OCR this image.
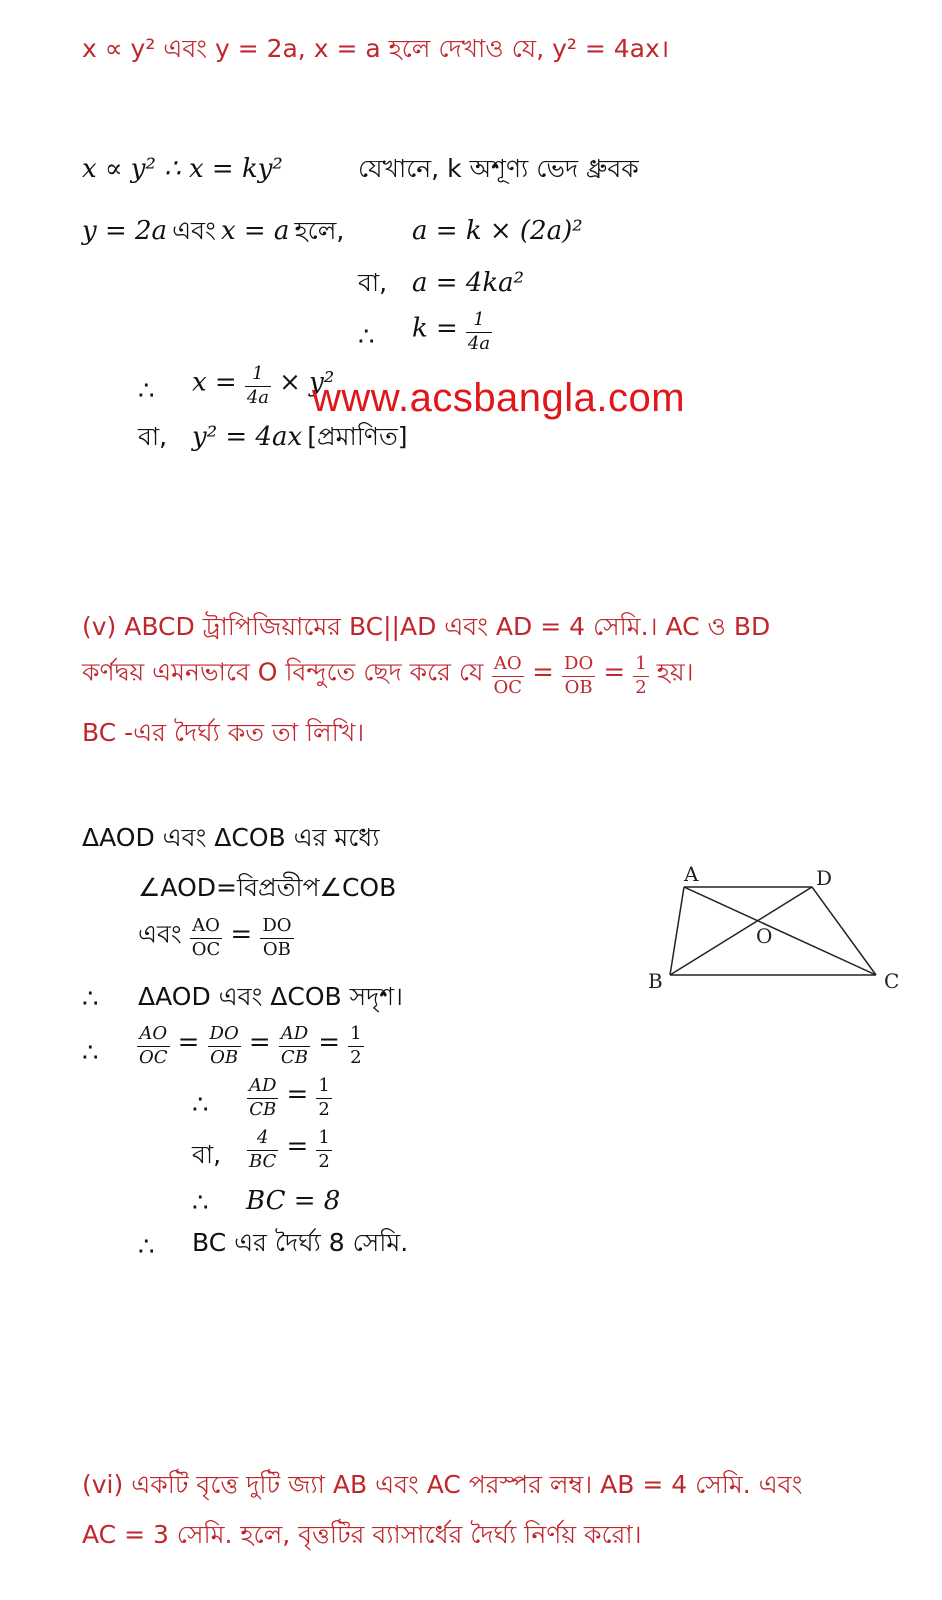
x ∝ y² এবং y = 2a, x = a হলে দেখাও যে, y² = 4ax।
x ∝ y² ∴ x = ky²	যেখানে, k অশূণ্য ভেদ ধ্রুবক
y = 2a এবং x = a হলে,	a = k × (2a)²
বা, a = 4ka²
∴ $k = \frac{1}{4a}$
∴ $x = \frac{1}{4a} \times y^2$
www.acsbangla.com
বা, y² = 4ax [প্রমাণিত]
(v) ABCD ট্রাপিজিয়ামের BC||AD এবং AD = 4 সেমি.। AC ও BD
কর্ণদ্বয় এমনভাবে O বিন্দুতে ছেদ করে যে $\frac{AO}{OC} = \frac{DO}{OB} = \frac{1}{2}$ হয়।
BC -এর দৈর্ঘ্য কত তা লিখি।
ΔAOD এবং ΔCOB এর মধ্যে
∠AOD=বিপ্রতীপ∠COB
এবং $\frac{AO}{OC} = \frac{DO}{OB}$
∴ ΔAOD এবং ΔCOB সদৃশ।
∴ $\frac{AO}{OC} = \frac{DO}{OB} = \frac{AD}{CB} = \frac{1}{2}$
∴ $\frac{AD}{CB} = \frac{1}{2}$
বা, $\frac{4}{BC} = \frac{1}{2}$
∴ BC = 8
∴ BC এর দৈর্ঘ্য 8 সেমি.
A	D
O
B	C
(vi) একটি বৃত্তে দুটি জ্যা AB এবং AC পরস্পর লম্ব। AB = 4 সেমি. এবং
AC = 3 সেমি. হলে, বৃত্তটির ব্যাসার্ধের দৈর্ঘ্য নির্ণয় করো।
